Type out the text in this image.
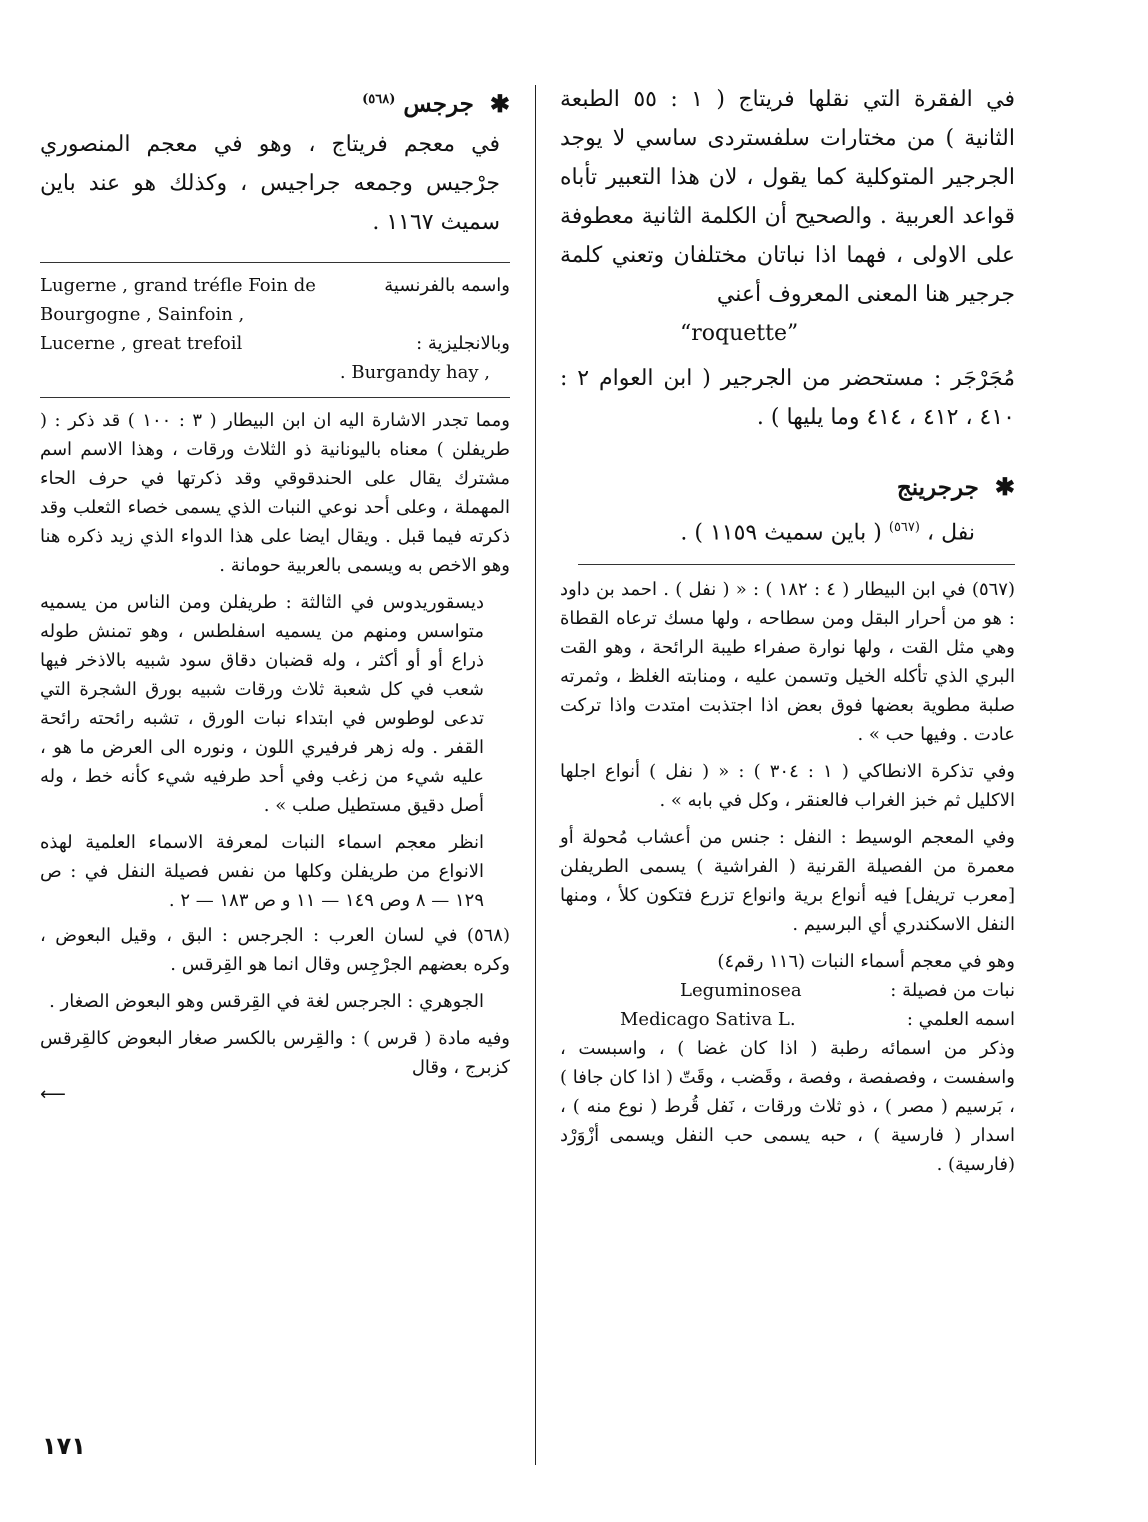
في الفقرة التي نقلها فريتاج ( ١ : ٥٥ الطبعة الثانية ) من مختارات سلفستردى ساسي لا يوجد الجرجير المتوكلية كما يقول ، لان هذا التعبير تأباه قواعد العربية . والصحيح أن الكلمة الثانية معطوفة على الاولى ، فهما اذا نباتان مختلفان وتعني كلمة جرجير هنا المعنى المعروف أعني

“roquette”

مُجَرْجَر : مستحضر من الجرجير ( ابن العوام ٢ : ٤١٠ ، ٤١٢ ، ٤١٤ وما يليها ) .

✱ جرجرينج

نفل ، $^{(٥٦٧)}$ ( باين سميث ١١٥٩ ) .

(٥٦٧) في ابن البيطار ( ٤ : ١٨٢ ) : « ( نفل ) . احمد بن داود : هو من أحرار البقل ومن سطاحه ، ولها مسك ترعاه القطاة وهي مثل القت ، ولها نوارة صفراء طيبة الرائحة ، وهو القت البري الذي تأكله الخيل وتسمن عليه ، ومنابته الغلظ ، وثمرته صلبة مطوية بعضها فوق بعض اذا اجتذبت امتدت واذا تركت عادت . وفيها حب » .

وفي تذكرة الانطاكي ( ١ : ٣٠٤ ) : « ( نفل ) أنواع اجلها الاكليل ثم خبز الغراب فالعنقر ، وكل في بابه » .

وفي المعجم الوسيط : النفل : جنس من أعشاب مُحولة أو معمرة من الفصيلة القرنية ( الفراشية ) يسمى الطريفلن [معرب تريفل] فيه أنواع برية وانواع تزرع فتكون كلأ ، ومنها النفل الاسكندري أي البرسيم .

وهو في معجم أسماء النبات (١١٦ رقم٤)

نبات من فصيلة :
Leguminosea
اسمه العلمي :
Medicago Sativa L.

وذكر من اسمائه رطبة ( اذا كان غضا ) ، واسبست ، واسفست ، وفصفصة ، وفصة ، وقَضب ، وقَتّ ( اذا كان جافا ) ، بَرسيم ( مصر ) ، ذو ثلاث ورقات ، نَفل قُرط ( نوع منه ) ، اسدار ( فارسية ) ، حبه يسمى حب النفل ويسمى أزْوَرْد (فارسية) .

✱ جرجس $^{(٥٦٨)}$

في معجم فريتاج ، وهو في معجم المنصوري جرْجيس وجمعه جراجيس ، وكذلك هو عند باين سميث ١١٦٧ .

واسمه بالفرنسية
Lugerne , grand tréfle Foin de Bourgogne , Sainfoin ,
وبالانجليزية :
Lucerne , great trefoil
. Burgandy hay ,

ومما تجدر الاشارة اليه ان ابن البيطار ( ٣ : ١٠٠ ) قد ذكر : ( طريفلن ) معناه باليونانية ذو الثلاث ورقات ، وهذا الاسم اسم مشترك يقال على الحندقوقي وقد ذكرتها في حرف الحاء المهملة ، وعلى أحد نوعي النبات الذي يسمى خصاء الثعلب وقد ذكرته فيما قبل . ويقال ايضا على هذا الدواء الذي زيد ذكره هنا وهو الاخص به ويسمى بالعربية حومانة .

ديسقوريدوس في الثالثة : طريفلن ومن الناس من يسميه متواسس ومنهم من يسميه اسفلطس ، وهو تمنش طوله ذراع أو أو أكثر ، وله قضبان دقاق سود شبيه بالاذخر فيها شعب في كل شعبة ثلاث ورقات شبيه بورق الشجرة التي تدعى لوطوس في ابتداء نبات الورق ، تشبه رائحته رائحة القفر . وله زهر فرفيري اللون ، ونوره الى العرض ما هو ، عليه شيء من زغب وفي أحد طرفيه شيء كأنه خط ، وله أصل دقيق مستطيل صلب » .

انظر معجم اسماء النبات لمعرفة الاسماء العلمية لهذه الانواع من طريفلن وكلها من نفس فصيلة النفل في : ص ١٢٩ — ٨ وص ١٤٩ — ١١ و ص ١٨٣ — ٢ .

(٥٦٨) في لسان العرب : الجرجس : البق ، وقيل البعوض ، وكره بعضهم الجرْجِس وقال انما هو القِرقس .

الجوهري : الجرجس لغة في القِرقس وهو البعوض الصغار .

وفيه مادة ( قرس ) : والقِرس بالكسر صغار البعوض كالقِرقس كزبرج ، وقال

⟵
١٧١
